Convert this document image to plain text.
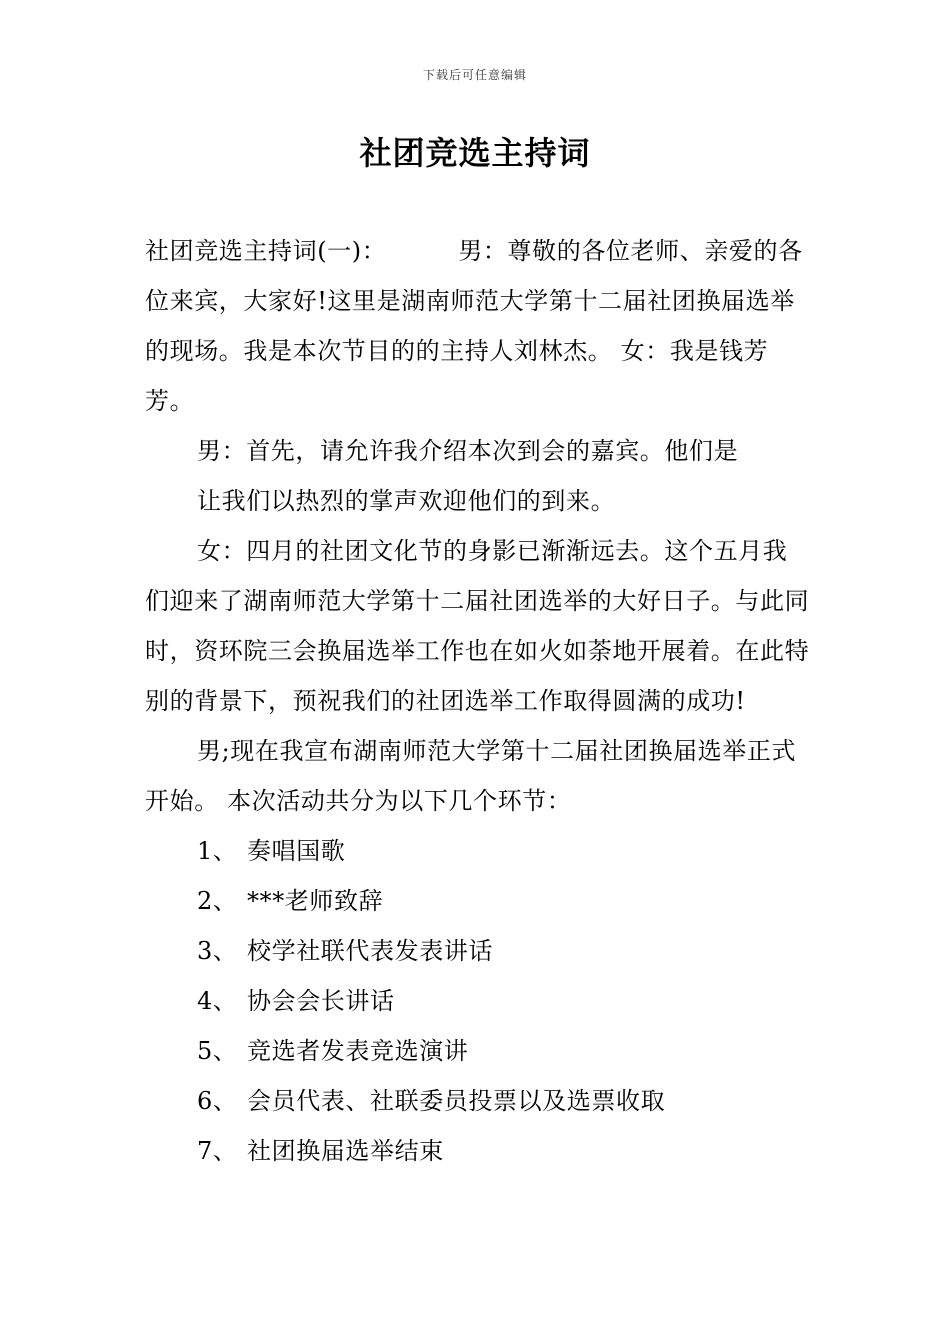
下载后可任意编辑
社团竞选主持词

社团竞选主持词(一)：	男：尊敬的各位老师、亲爱的各位来宾，大家好!这里是湖南师范大学第十二届社团换届选举的现场。我是本次节目的的主持人刘林杰。 女：我是钱芳芳。

男：首先，请允许我介绍本次到会的嘉宾。他们是

让我们以热烈的掌声欢迎他们的到来。

女：四月的社团文化节的身影已渐渐远去。这个五月我们迎来了湖南师范大学第十二届社团选举的大好日子。与此同时，资环院三会换届选举工作也在如火如荼地开展着。在此特别的背景下，预祝我们的社团选举工作取得圆满的成功!

男;现在我宣布湖南师范大学第十二届社团换届选举正式开始。 本次活动共分为以下几个环节：

1、 奏唱国歌
2、 ***老师致辞
3、 校学社联代表发表讲话
4、 协会会长讲话
5、 竞选者发表竞选演讲
6、 会员代表、社联委员投票以及选票收取
7、 社团换届选举结束
